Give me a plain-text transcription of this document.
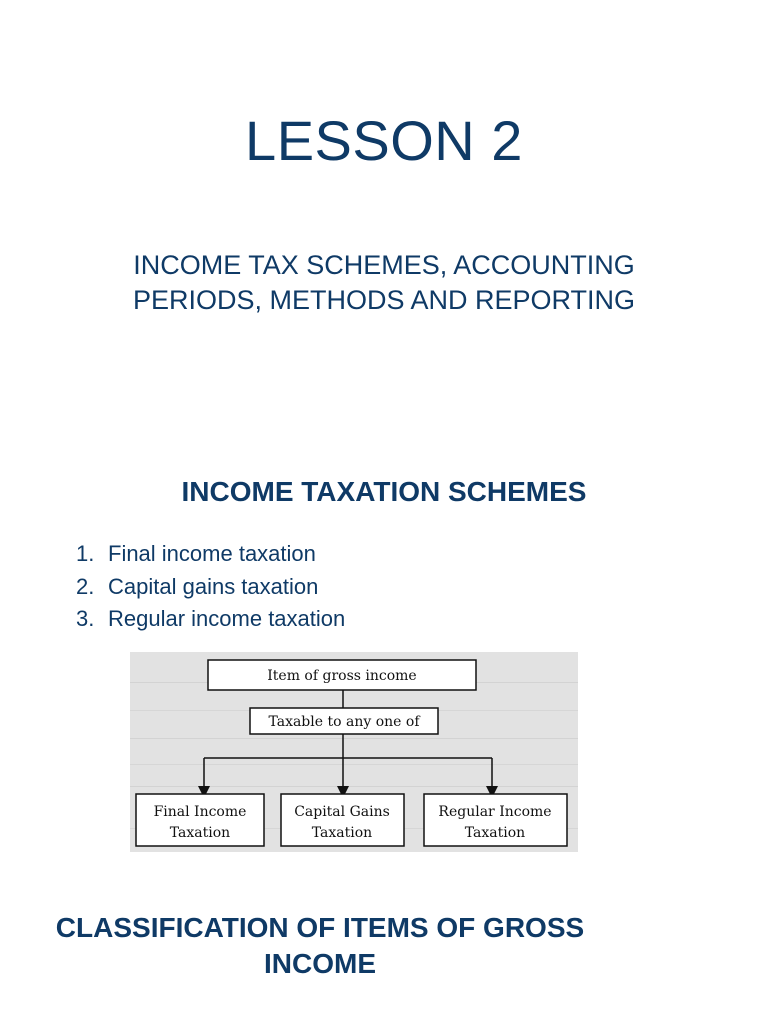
LESSON 2
INCOME TAX SCHEMES, ACCOUNTING
PERIODS, METHODS AND REPORTING
INCOME TAXATION SCHEMES
1. Final income taxation
2. Capital gains taxation
3. Regular income taxation
Item of gross income
Taxable to any one of
Final Income
Taxation
Capital Gains
Taxation
Regular Income
Taxation
CLASSIFICATION OF ITEMS OF GROSS
INCOME
